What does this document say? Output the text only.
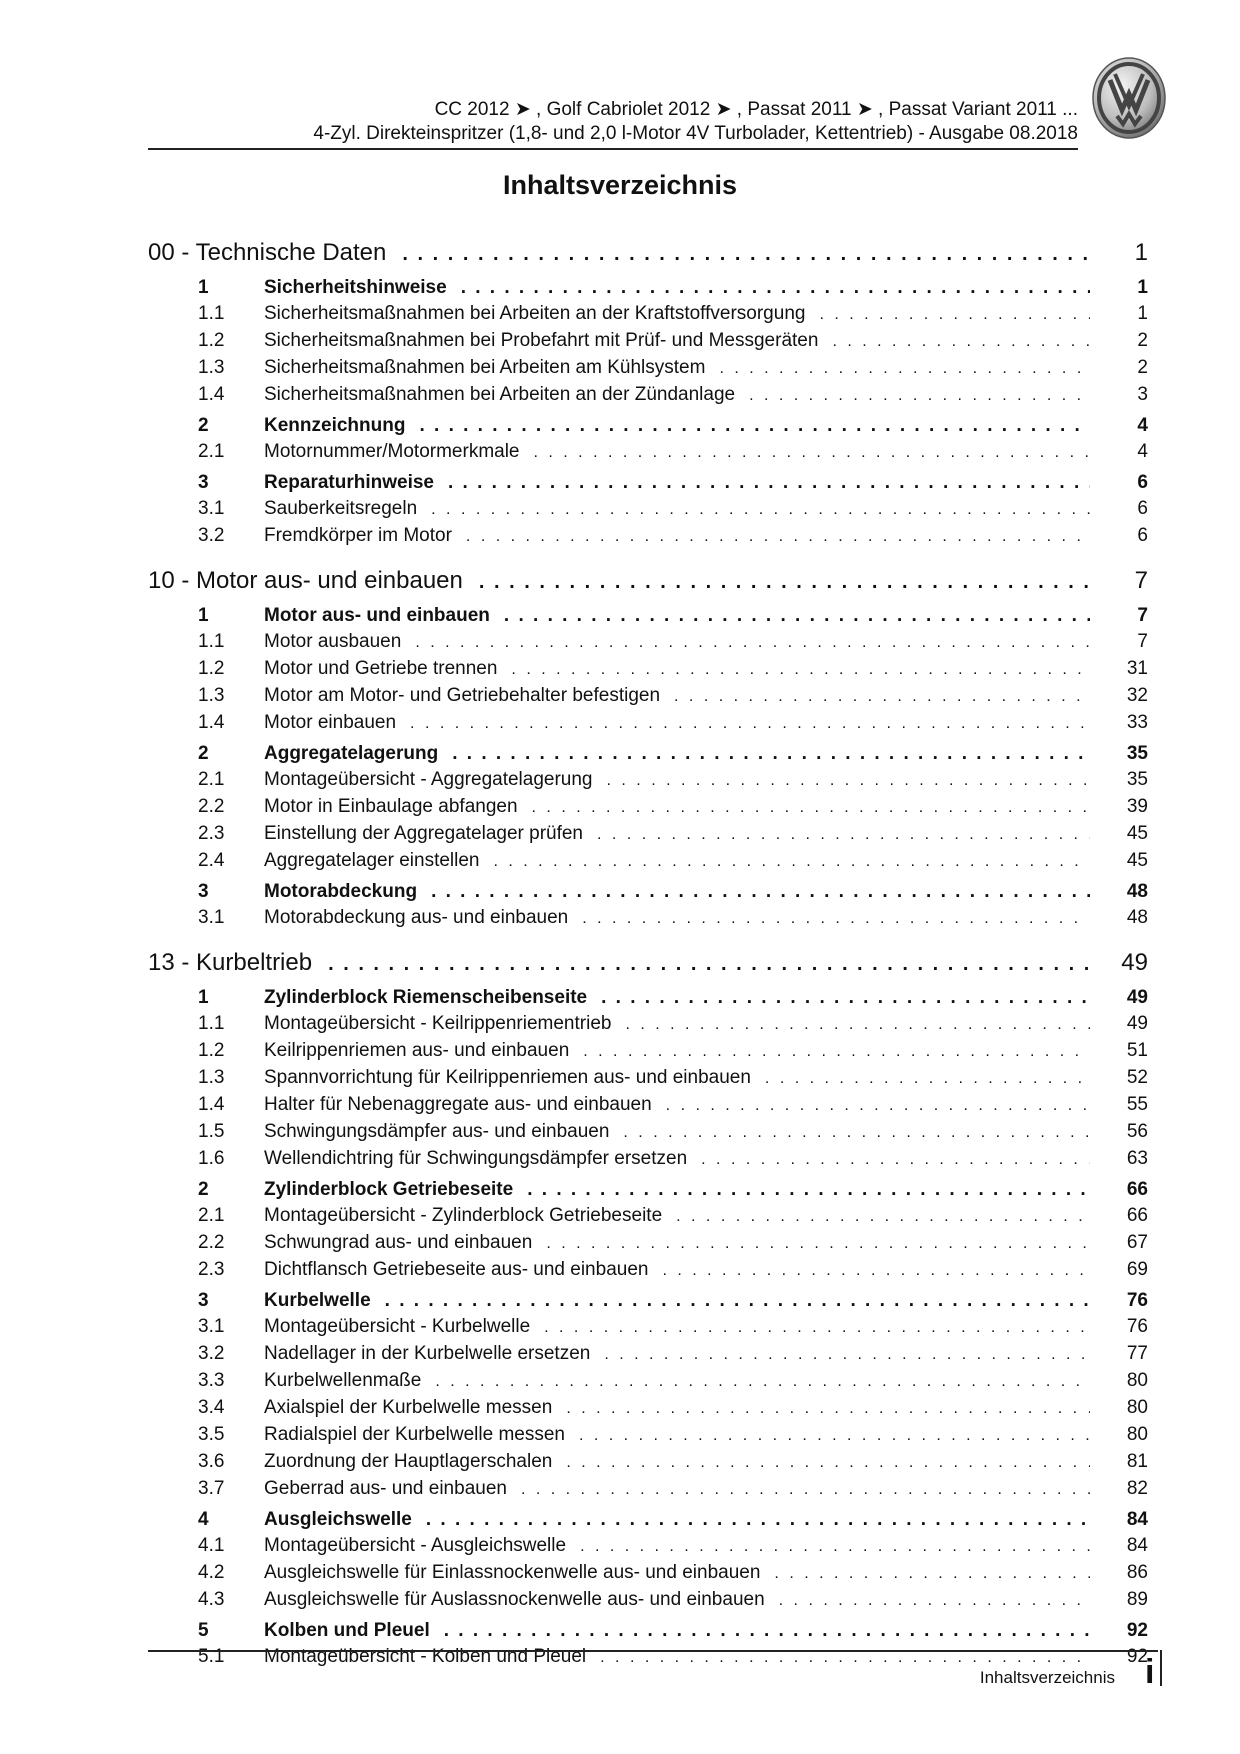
CC 2012 ➤ , Golf Cabriolet 2012 ➤ , Passat 2011 ➤ , Passat Variant 2011 ...
4-Zyl. Direkteinspritzer (1,8- und 2,0 l-Motor 4V Turbolader, Kettentrieb) - Ausgabe 08.2018
Inhaltsverzeichnis
00 - Technische Daten . . .	1
1	Sicherheitshinweise . . .	1
1.1	Sicherheitsmaßnahmen bei Arbeiten an der Kraftstoffversorgung . . .	1
1.2	Sicherheitsmaßnahmen bei Probefahrt mit Prüf- und Messgeräten . . .	2
1.3	Sicherheitsmaßnahmen bei Arbeiten am Kühlsystem . . .	2
1.4	Sicherheitsmaßnahmen bei Arbeiten an der Zündanlage . . .	3
2	Kennzeichnung . . .	4
2.1	Motornummer/Motormerkmale . . .	4
3	Reparaturhinweise . . .	6
3.1	Sauberkeitsregeln . . .	6
3.2	Fremdkörper im Motor . . .	6
10 - Motor aus- und einbauen . . .	7
1	Motor aus- und einbauen . . .	7
1.1	Motor ausbauen . . .	7
1.2	Motor und Getriebe trennen . . .	31
1.3	Motor am Motor- und Getriebehalter befestigen . . .	32
1.4	Motor einbauen . . .	33
2	Aggregatelagerung . . .	35
2.1	Montageübersicht - Aggregatelagerung . . .	35
2.2	Motor in Einbaulage abfangen . . .	39
2.3	Einstellung der Aggregatelager prüfen . . .	45
2.4	Aggregatelager einstellen . . .	45
3	Motorabdeckung . . .	48
3.1	Motorabdeckung aus- und einbauen . . .	48
13 - Kurbeltrieb . . .	49
1	Zylinderblock Riemenscheibenseite . . .	49
1.1	Montageübersicht - Keilrippenriementrieb . . .	49
1.2	Keilrippenriemen aus- und einbauen . . .	51
1.3	Spannvorrichtung für Keilrippenriemen aus- und einbauen . . .	52
1.4	Halter für Nebenaggregate aus- und einbauen . . .	55
1.5	Schwingungsdämpfer aus- und einbauen . . .	56
1.6	Wellendichtring für Schwingungsdämpfer ersetzen . . .	63
2	Zylinderblock Getriebeseite . . .	66
2.1	Montageübersicht - Zylinderblock Getriebeseite . . .	66
2.2	Schwungrad aus- und einbauen . . .	67
2.3	Dichtflansch Getriebeseite aus- und einbauen . . .	69
3	Kurbelwelle . . .	76
3.1	Montageübersicht - Kurbelwelle . . .	76
3.2	Nadellager in der Kurbelwelle ersetzen . . .	77
3.3	Kurbelwellenmaße . . .	80
3.4	Axialspiel der Kurbelwelle messen . . .	80
3.5	Radialspiel der Kurbelwelle messen . . .	80
3.6	Zuordnung der Hauptlagerschalen . . .	81
3.7	Geberrad aus- und einbauen . . .	82
4	Ausgleichswelle . . .	84
4.1	Montageübersicht - Ausgleichswelle . . .	84
4.2	Ausgleichswelle für Einlassnockenwelle aus- und einbauen . . .	86
4.3	Ausgleichswelle für Auslassnockenwelle aus- und einbauen . . .	89
5	Kolben und Pleuel . . .	92
5.1	Montageübersicht - Kolben und Pleuel . . .	92
Inhaltsverzeichnis i
